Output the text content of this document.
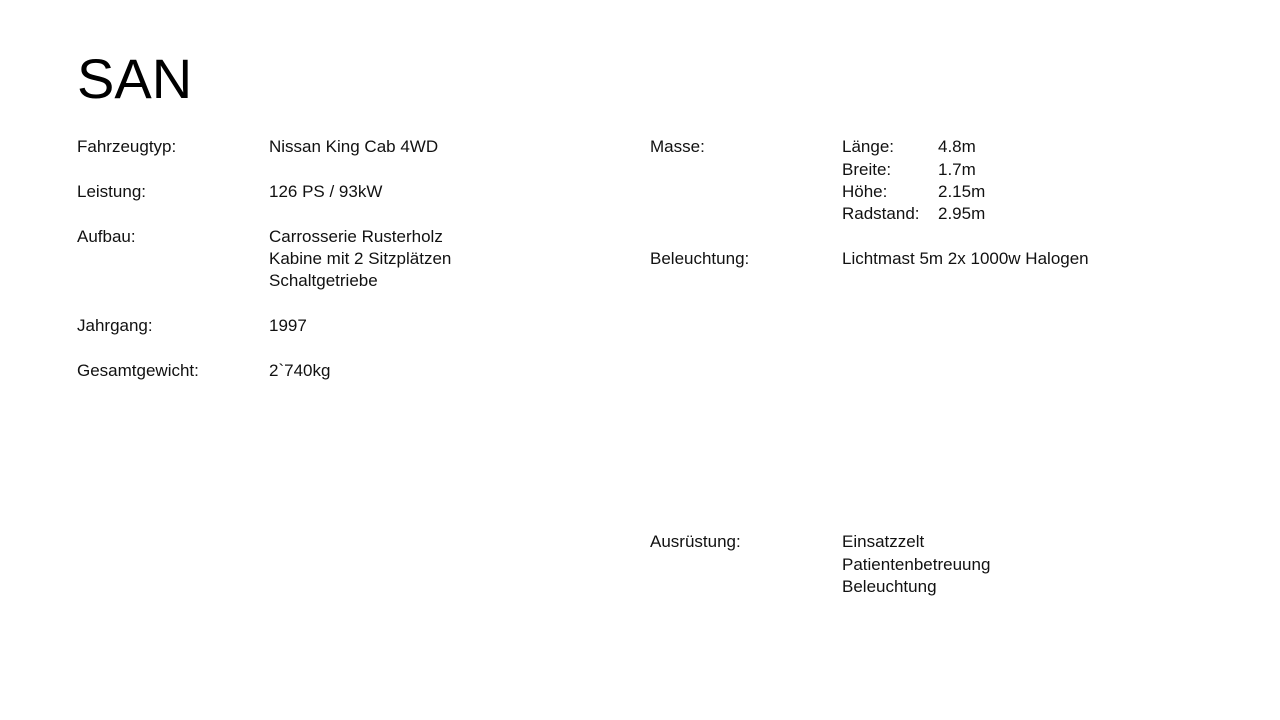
SAN
Fahrzeugtyp:	Nissan King Cab 4WD
Leistung:	126 PS / 93kW
Aufbau:	Carrosserie Rusterholz
Kabine mit 2 Sitzplätzen
Schaltgetriebe
Jahrgang:	1997
Gesamtgewicht:	2`740kg
Masse:	Länge:	4.8m
Breite:	1.7m
Höhe:	2.15m
Radstand: 2.95m
Beleuchtung:	Lichtmast 5m 2x 1000w Halogen
Ausrüstung:	Einsatzzelt
Patientenbetreuung
Beleuchtung
